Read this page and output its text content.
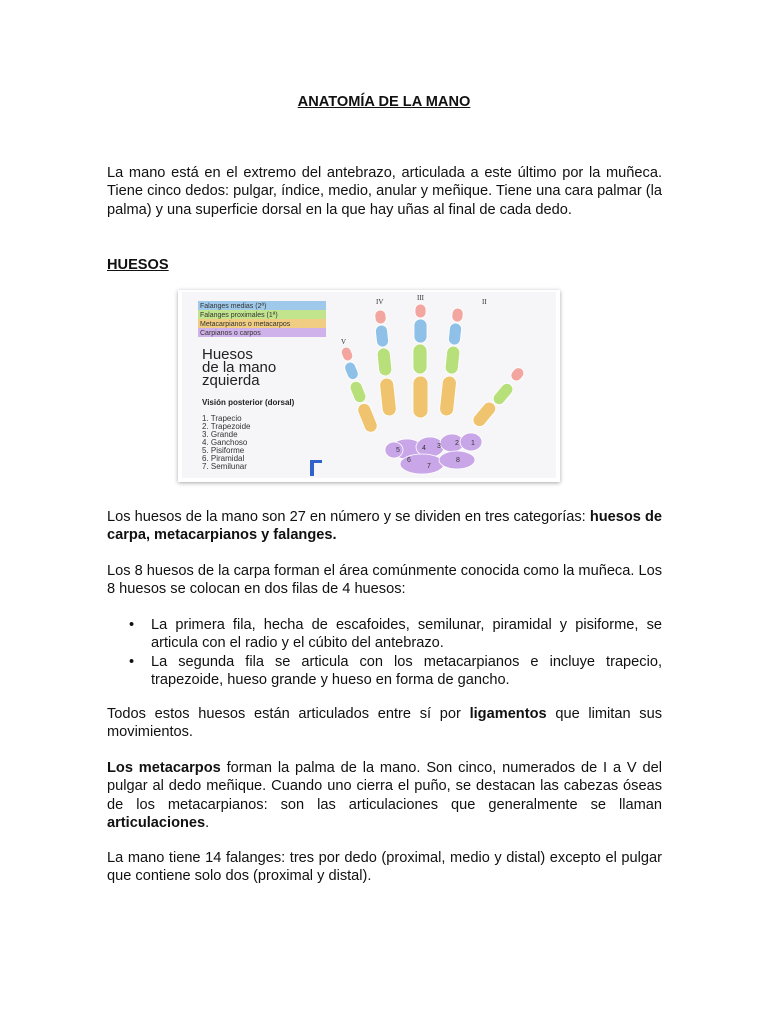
ANATOMÍA DE LA MANO

La mano está en el extremo del antebrazo, articulada a este último por la muñeca. Tiene cinco dedos: pulgar, índice, medio, anular y meñique. Tiene una cara palmar (la palma) y una superficie dorsal en la que hay uñas al final de cada dedo.

HUESOS

Falanges medias (2ª)
Falanges proximales (1ª)
Metacarpianos o metacarpos
Carpianos o carpos
Huesos
de la mano
zquierda
Visión posterior (dorsal)
1. Trapecio
2. Trapezoide
3. Grande
4. Ganchoso
5. Pisiforme
6. Piramidal
7. Semilunar
IV	III	II
V
5	4 3 2 1
6
7
8

Los huesos de la mano son 27 en número y se dividen en tres categorías: huesos de carpa, metacarpianos y falanges.

Los 8 huesos de la carpa forman el área comúnmente conocida como la muñeca. Los 8 huesos se colocan en dos filas de 4 huesos:

• La primera fila, hecha de escafoides, semilunar, piramidal y pisiforme, se articula con el radio y el cúbito del antebrazo.
• La segunda fila se articula con los metacarpianos e incluye trapecio, trapezoide, hueso grande y hueso en forma de gancho.

Todos estos huesos están articulados entre sí por ligamentos que limitan sus movimientos.

Los metacarpos forman la palma de la mano. Son cinco, numerados de I a V del pulgar al dedo meñique. Cuando uno cierra el puño, se destacan las cabezas óseas de los metacarpianos: son las articulaciones que generalmente se llaman articulaciones.

La mano tiene 14 falanges: tres por dedo (proximal, medio y distal) excepto el pulgar que contiene solo dos (proximal y distal).
